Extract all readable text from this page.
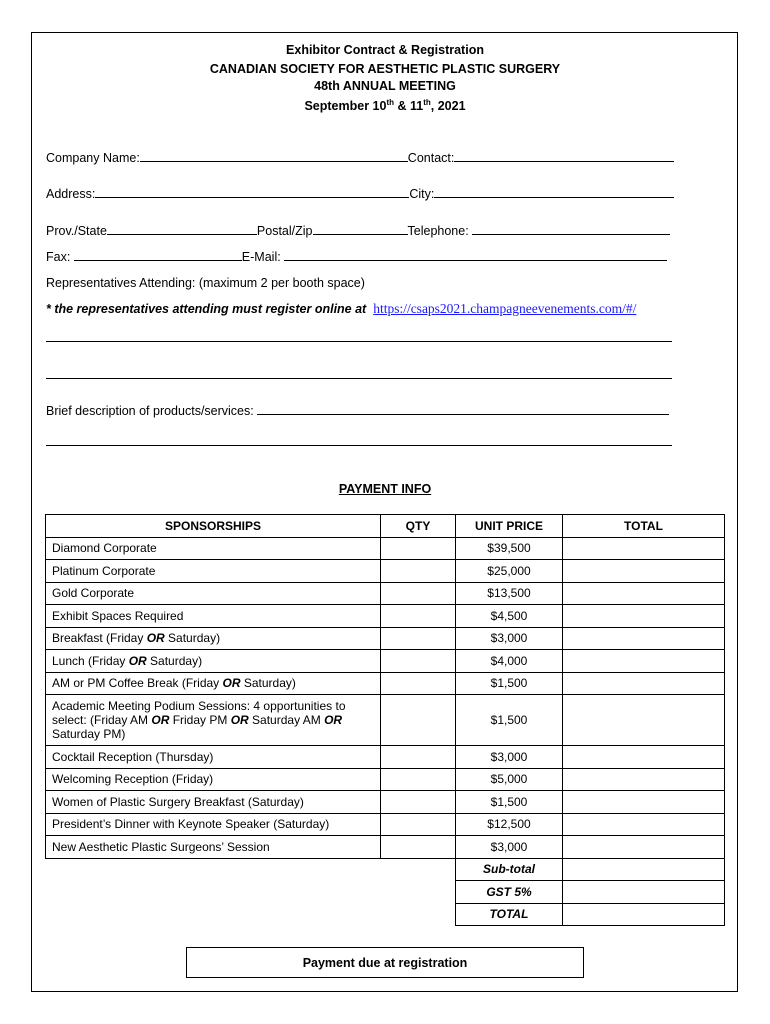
Exhibitor Contract & Registration
CANADIAN SOCIETY FOR AESTHETIC PLASTIC SURGERY
48th ANNUAL MEETING
September 10th & 11th, 2021
Company Name:	Contact:
Address:	City:
Prov./State	Postal/Zip	Telephone:
Fax:	E-Mail:
Representatives Attending: (maximum 2 per booth space)
* the representatives attending must register online at https://csaps2021.champagneevenements.com/#/
Brief description of products/services:
PAYMENT INFO
SPONSORSHIPS	QTY	UNIT PRICE	TOTAL
Diamond Corporate		$39,500	
Platinum Corporate		$25,000	
Gold Corporate		$13,500	
Exhibit Spaces Required		$4,500	
Breakfast (Friday OR Saturday)		$3,000	
Lunch (Friday OR Saturday)		$4,000	
AM or PM Coffee Break (Friday OR Saturday)		$1,500	
Academic Meeting Podium Sessions: 4 opportunities to select: (Friday AM OR Friday PM OR Saturday AM OR Saturday PM)		$1,500	
Cocktail Reception (Thursday)		$3,000	
Welcoming Reception (Friday)		$5,000	
Women of Plastic Surgery Breakfast (Saturday)		$1,500	
President’s Dinner with Keynote Speaker (Saturday)		$12,500	
New Aesthetic Plastic Surgeons’ Session		$3,000	
		Sub-total	
		GST 5%	
		TOTAL	
Payment due at registration
